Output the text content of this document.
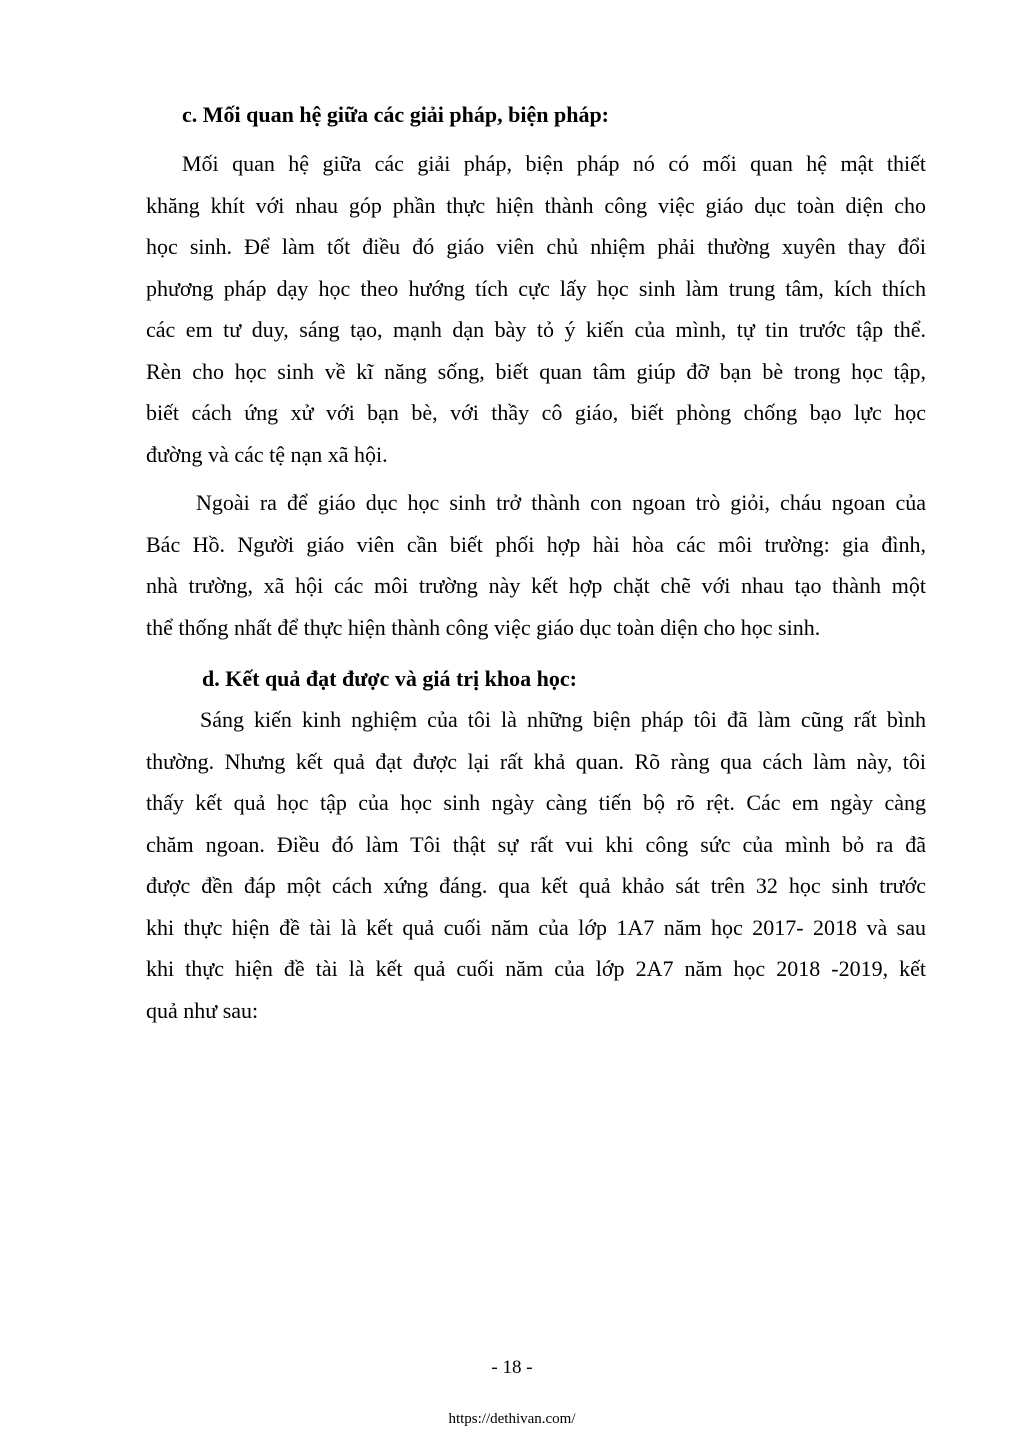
c. Mối quan hệ giữa các giải pháp, biện pháp:
Mối quan hệ giữa các giải pháp, biện pháp nó có mối quan hệ mật thiết
khăng khít với nhau góp phần thực hiện thành công việc giáo dục toàn diện cho
học sinh. Để làm tốt điều đó giáo viên chủ nhiệm phải thường xuyên thay đổi
phương pháp dạy học theo hướng tích cực lấy học sinh làm trung tâm, kích thích
các em tư duy, sáng tạo, mạnh dạn bày tỏ ý kiến của mình, tự tin trước tập thể.
Rèn cho học sinh về kĩ năng sống, biết quan tâm giúp đỡ bạn bè trong học tập,
biết cách ứng xử với bạn bè, với thầy cô giáo, biết phòng chống bạo lực học
đường và các tệ nạn xã hội.
Ngoài ra để giáo dục học sinh trở thành con ngoan trò giỏi, cháu ngoan của
Bác Hồ. Người giáo viên cần biết phối hợp hài hòa các môi trường: gia đình,
nhà trường, xã hội các môi trường này kết hợp chặt chẽ với nhau tạo thành một
thể thống nhất để thực hiện thành công việc giáo dục toàn diện cho học sinh.
d. Kết quả đạt được và giá trị khoa học:
Sáng kiến kinh nghiệm của tôi là những biện pháp tôi đã làm cũng rất bình
thường. Nhưng kết quả đạt được lại rất khả quan. Rõ ràng qua cách làm này, tôi
thấy kết quả học tập của học sinh ngày càng tiến bộ rõ rệt. Các em ngày càng
chăm ngoan. Điều đó làm Tôi thật sự rất vui khi công sức của mình bỏ ra đã
được đền đáp một cách xứng đáng. qua kết quả khảo sát trên 32 học sinh trước
khi thực hiện đề tài là kết quả cuối năm của lớp 1A7 năm học 2017- 2018 và sau
khi thực hiện đề tài là kết quả cuối năm của lớp 2A7 năm học 2018 -2019, kết
quả như sau:
- 18 -
https://dethivan.com/
